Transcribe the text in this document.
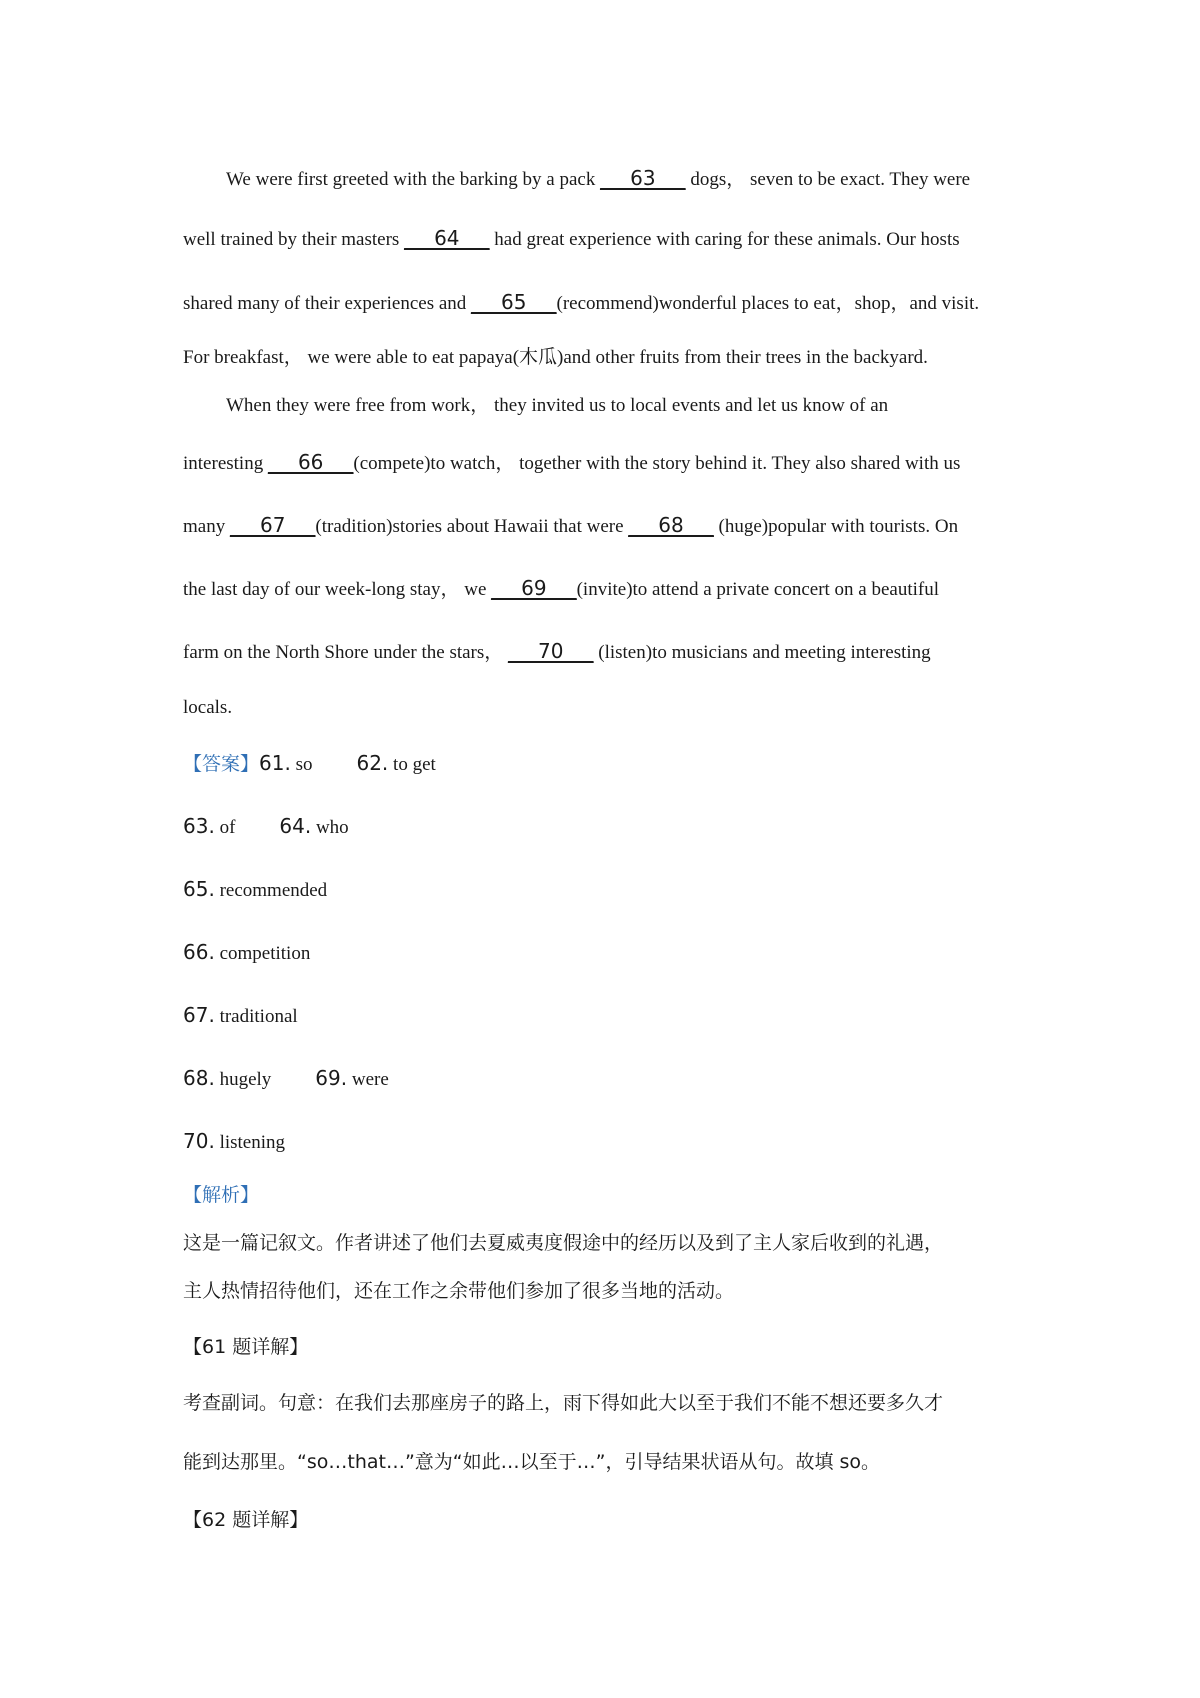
We were first greeted with the barking by a pack ___63___ dogs， seven to be exact. They were
well trained by their masters ___64___ had great experience with caring for these animals. Our hosts
shared many of their experiences and ___65___(recommend)wonderful places to eat，shop，and visit.
For breakfast， we were able to eat papaya(木瓜)and other fruits from their trees in the backyard.
When they were free from work， they invited us to local events and let us know of an
interesting ___66___(compete)to watch， together with the story behind it. They also shared with us
many ___67___(tradition)stories about Hawaii that were ___68___ (huge)popular with tourists. On
the last day of our week-long stay， we ___69___(invite)to attend a private concert on a beautiful
farm on the North Shore under the stars， ___70___ (listen)to musicians and meeting interesting
locals.
【答案】61. so 62. to get
63. of 64. who
65. recommended
66. competition
67. traditional
68. hugely 69. were
70. listening
【解析】
这是一篇记叙文。作者讲述了他们去夏威夷度假途中的经历以及到了主人家后收到的礼遇，
主人热情招待他们，还在工作之余带他们参加了很多当地的活动。
【61 题详解】
考查副词。句意：在我们去那座房子的路上，雨下得如此大以至于我们不能不想还要多久才
能到达那里。“so…that…”意为“如此…以至于…”，引导结果状语从句。故填 so。
【62 题详解】
